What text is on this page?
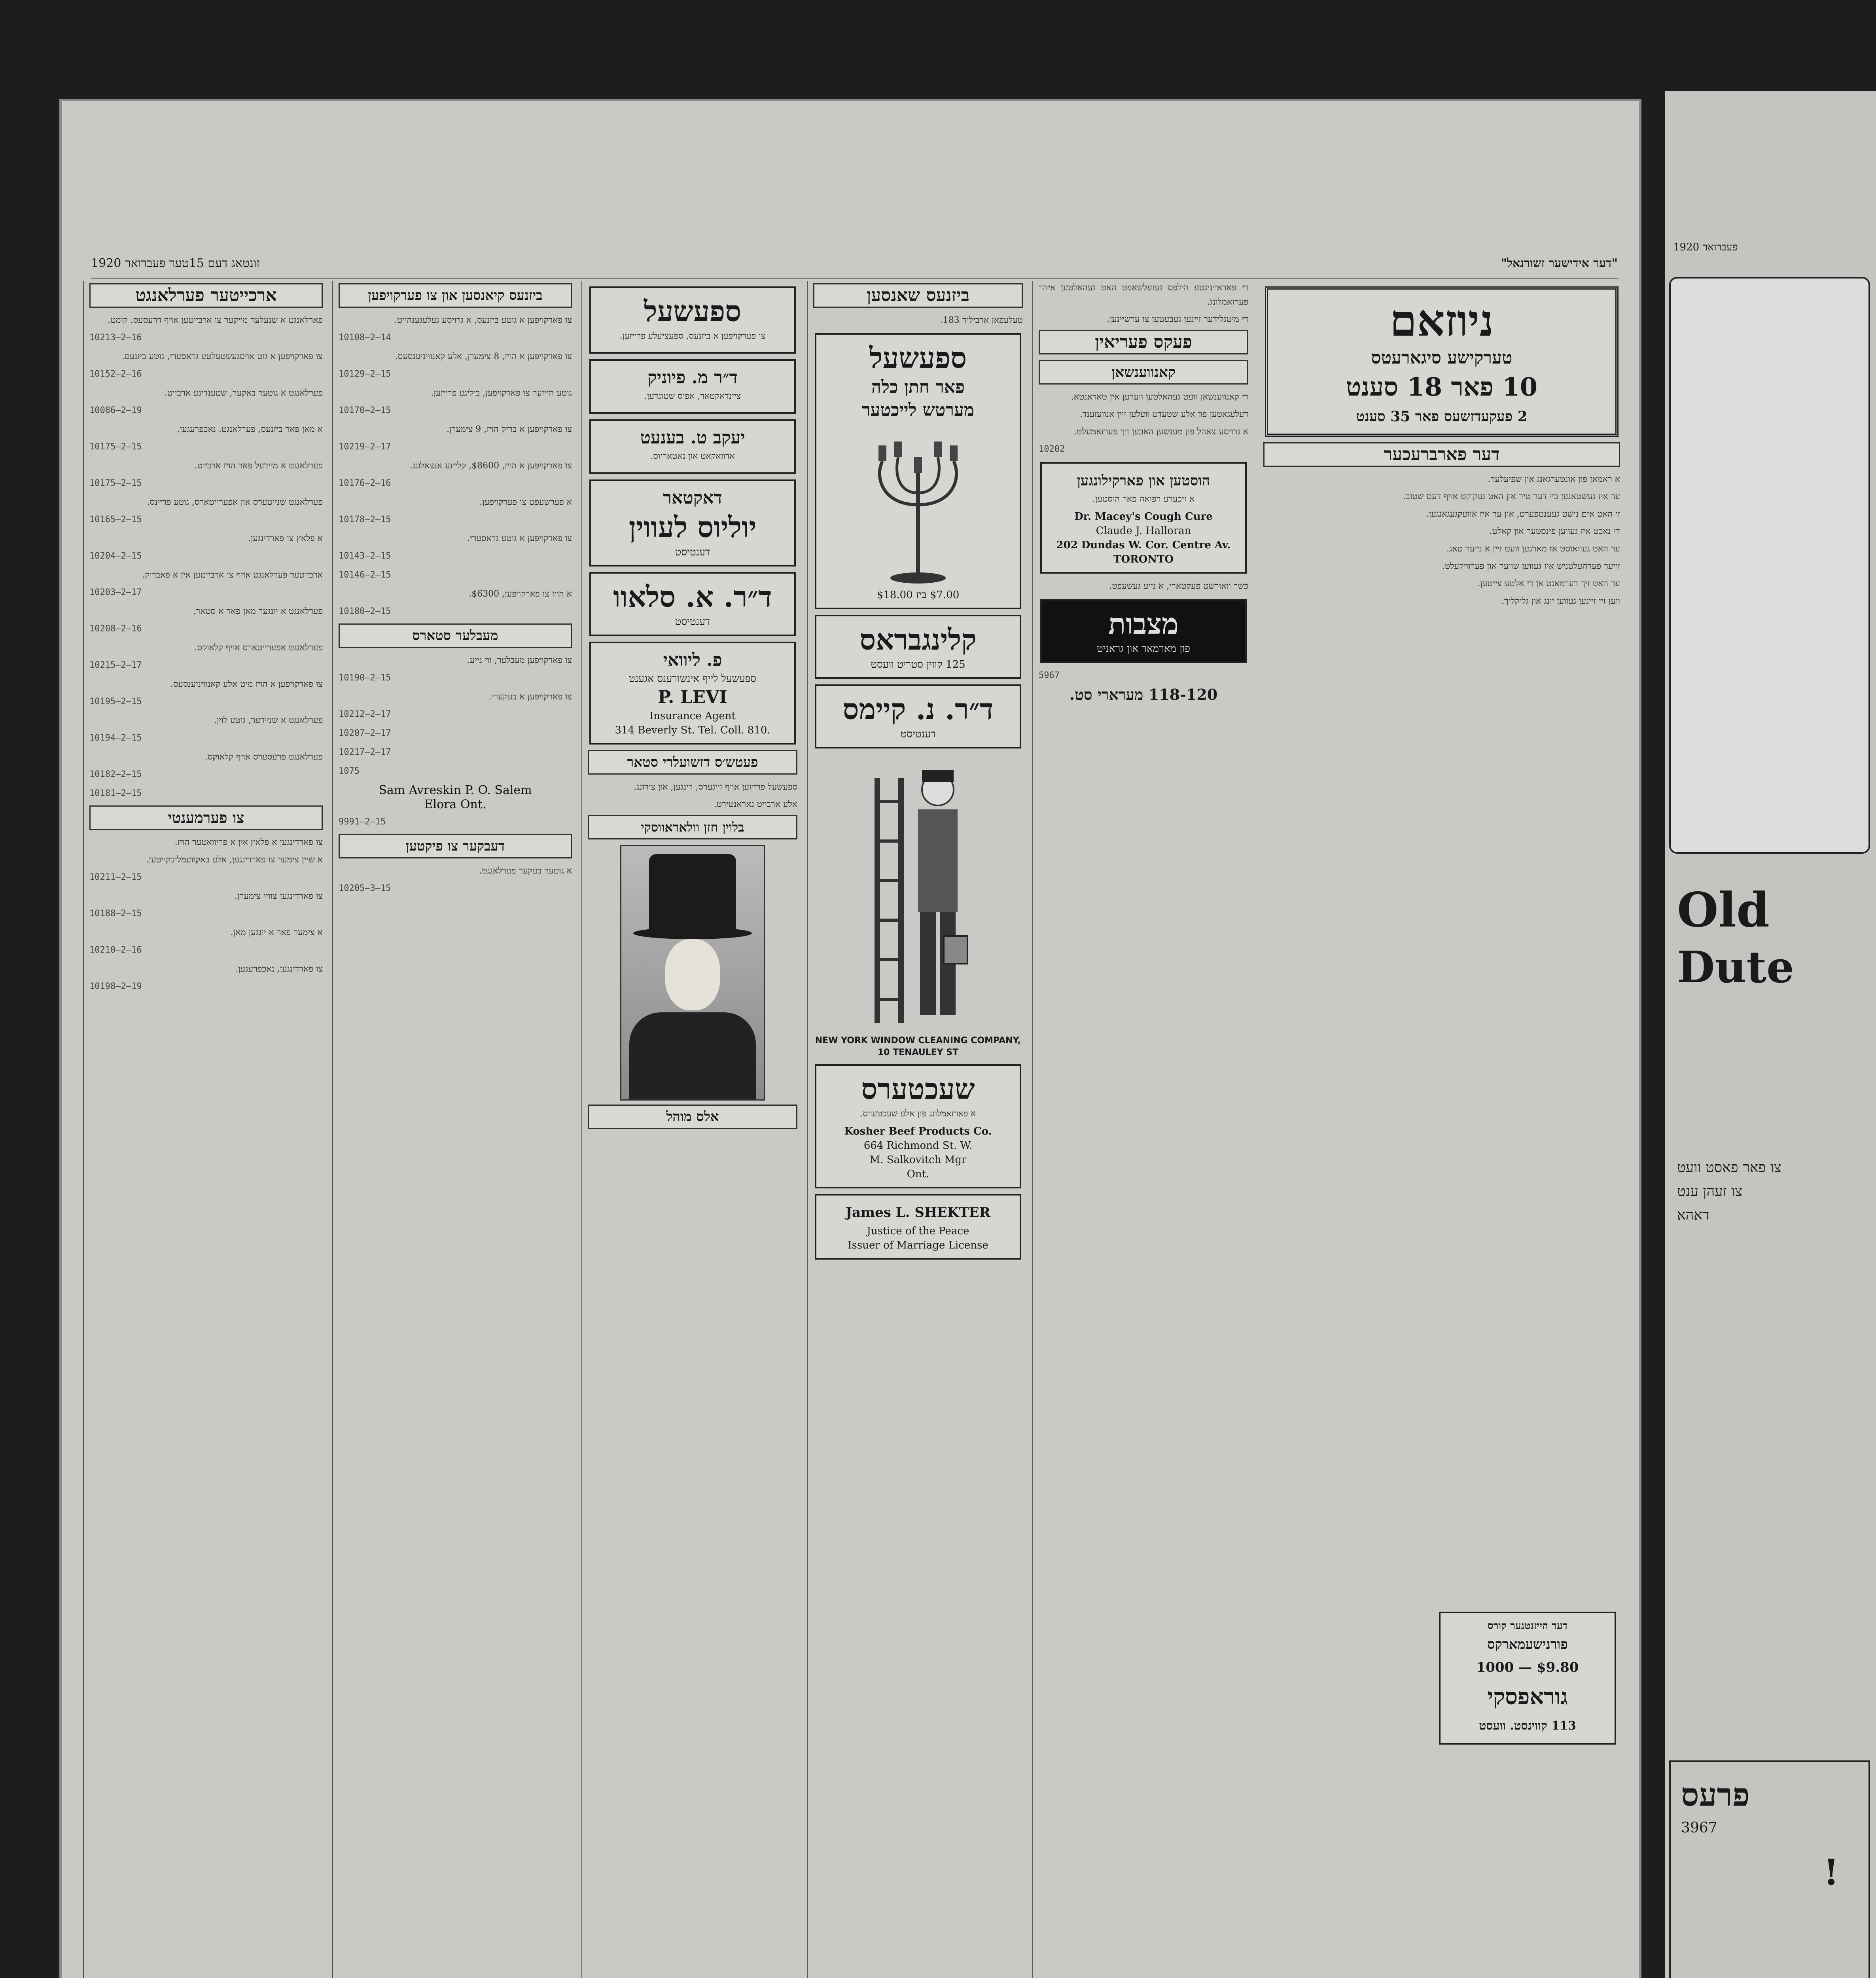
"דער אידישער זשורנאל"
זונטאג דעם 15טער פעברואר 1920
ארכייטער פערלאנגט

פארלאנגט א שנעלער מייקער צו ארבייטען אויף דרעסעס. קומט.

10213—2—16

צו פארקויפען א גוט אויסגעשטעלטע גראסערי, גוטע ביזנעס.

10152—2—16

פערלאנגט א גוטער באקער, שטענדיגע ארבייט.

10086—2—19

א מאן פאר ביזנעס, פערלאנגט. נאכפרעגען.

10175—2—15

פערלאנגט א מיידעל פאר הויז ארבייט.

10175—2—15

פערלאנגט שנייטערס און אפערייטארס, גוטע פריינס.

10165—2—15

א פלאץ צו פארדינגען.

10204—2—15

ארבייטער פערלאנגט אויף צו ארבייטען אין א פאבריק.

10203—2—17

פערלאנגט א יונגער מאן פאר א סטאר.

10208—2—16

פערלאנגט אפערייטארס אויף קלאוקס.

10215—2—17

צו פארקויפען א הויז מיט אלע קאנוויניענסעס.

10195—2—15

פערלאנגט א שניידער, גוטע לוין.

10194—2—15

פערלאנגט פרעסערס אויף קלאוקס.

10182—2—15
10181—2—15
צו פערמענטי

צו פארדינגען א פלאץ אין א פריוואטער הויז.

א שיין צימער צו פארדינגען, אלע באקוועמליכקייטען.

10211—2—15

צו פארדינגען צוויי צימערן.

10188—2—15

א צימער פאר א יונגען מאן.

10210—2—16

צו פארדינגען, נאכפרעגען.

10198—2—19
ביזנעס קיאנסען און צו פערקויפען

צו פארקויפען א גוטע ביזנעס, א גרויסע געלעגענהייט.

10108—2—14

צו פארקויפען א הויז, 8 צימערן, אלע קאנוויניענסעס.

10129—2—15

גוטע הייזער צו פארקויפען, ביליגע פרייזען.

10170—2—15

צו פארקויפען א בריק הויז, 9 צימערן.

10219—2—17

צו פארקויפען א הויז, $8600, קליינע אנצאלונג.

10176—2—16

א פערשעפט צו פערקויפען.

10178—2—15

צו פארקויפען א גוטע גראסערי.

10143—2—15
10146—2—15

א הויז צו פארקויפען, $6300.

10180—2—15
מעבלער סטארס

צו פארקויפען מעבלער, ווי נייע.

10190—2—15

צו פארקויפען א בעקערי.

10212—2—17
10207—2—17
10217—2—17
1075

Sam Avreskin P. O. Salem
Elora Ont.

9991—2—15
דעבקער צו פיקטען

א גוטער בעקער פערלאנגט.

10205—3—15
ספעשעל

צו פערקויפען א ביזנעס, ספעציעלע פרייזען.

ד״ר מ. פיוניק

ציינדאקטאר, אפיס שטונדען.

יעקב ט. בענעט

אדוואקאט און נאטאריוס.

דאקטאר
יוליוס לעווין
דענטיסט
ד״ר. א. סלאוו
דענטיסט
פ. ליוואי
ספעשעל לייף אינשורענס אגענט
P. LEVI
Insurance Agent
314 Beverly St. Tel. Coll. 810.
פעטש׳ס דזשועלרי סטאר

ספעשעל פרייזען אויף זייגערס, רינגען, און צירונג.

אלע ארבייט גאראנטירט.

בלוין חזן וולאדאווסקי
אלס מוהל
ביזנעס שאנסען

טעלעפאן ארביליר 183.

ספעשעל
פאר חתן כלה
מערטש לייכטער
$7.00 ביז $18.00
קלינגבראס
125 קווין סטריט וועסט
ד״ר. נ. קיימס
דענטיסט
NEW YORK WINDOW CLEANING COMPANY, 10 TENAULEY ST
שעכטערס

א פארזאמלונג פון אלע שעכטערס.

Kosher Beef Products Co.
664 Richmond St. W.
M. Salkovitch Mgr
Ont.
James L. SHEKTER
Justice of the Peace
Issuer of Marriage License

די פאראייניגטע הילפס געזעלשאפט האט געהאלטען איהר פערזאמלונג.

די מיטגלידער זיינען געבעטען צו ערשיינען.

פעקס פעריאין
קאנווענשאן

די קאנווענשאן וועט געהאלטען ווערען אין טאראנטא.

דעלעגאטען פון אלע שטעדט וועלען זיין אנוועזענד.

א גרויסע צאהל פון מענשען האבען זיך פערזאמעלט.

10202
הוסטען און פארקילונגען

א זיכערע רפואה פאר הוסטען.

Dr. Macey's Cough Cure
Claude J. Halloran
202 Dundas W. Cor. Centre Av.
TORONTO

כשר וואורשט פעקטארי, א נייע געשעפט.

מצבות
פון מארמאר און גראניט
5967
118-120 מערארי סט.
ניוזאם
טערקישע סיגארעטס
10 פאר 18 סענט
2 פעקעדזשעס פאר 35 סענט
דער פארברעכער

א ראמאן פון אונטערגאנג און שפיעלער.

ער איז געשטאנען ביי דער טיר און האט געקוקט אויף דעם שטוב.

זי האט אים נישט געענטפערט, און ער איז אוועקגעגאנגען.

די נאכט איז געווען פינסטער און קאלט.

ער האט געוואוסט אז מארגען וועט זיין א נייער טאג.

זייער פערהעלטניש איז געווען שווער און פערוויקעלט.

ער האט זיך דערמאנט אן די אלטע צייטען.

ווען זיי זיינען געווען יונג און גליקליך.

דער הייזנטנער קורס
פורנישעמארקס
$9.80 — 1000
גוראפסקי
113 קווינסט. וועסט
פעברואר 1920
Old
Dute
צו פאר פאסט וועט
צו זעהן ענט
דאהא
פרעס
3967
!
